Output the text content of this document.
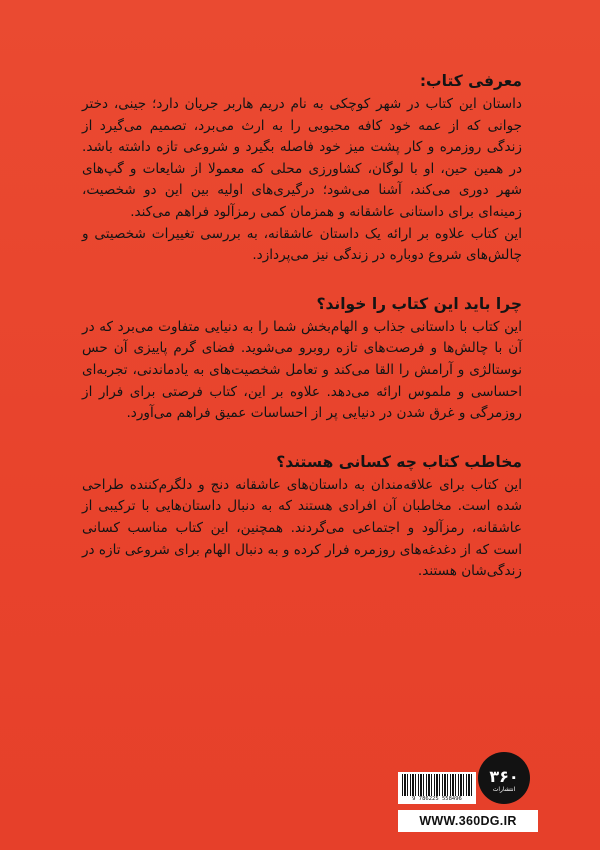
معرفی کتاب:

داستان این کتاب در شهر کوچکی به نام دریم هاربر جریان دارد؛ جینی، دختر جوانی که از عمه خود کافه محبوبی را به ارث می‌برد، تصمیم می‌گیرد از زندگی روزمره و کار پشت میز خود فاصله بگیرد و شروعی تازه داشته باشد. در همین حین، او با لوگان، کشاورزی محلی که معمولا از شایعات و گپ‌های شهر دوری می‌کند، آشنا می‌شود؛ درگیری‌های اولیه بین این دو شخصیت، زمینه‌ای برای داستانی عاشقانه و همزمان کمی رمزآلود فراهم می‌کند.

این کتاب علاوه بر ارائه یک داستان عاشقانه، به بررسی تغییرات شخصیتی و چالش‌های شروع دوباره در زندگی نیز می‌پردازد.

چرا باید این کتاب را خواند؟

این کتاب با داستانی جذاب و الهام‌بخش شما را به دنیایی متفاوت می‌برد که در آن با چالش‌ها و فرصت‌های تازه روبرو می‌شوید. فضای گرم پاییزی آن حس نوستالژی و آرامش را القا می‌کند و تعامل شخصیت‌های به یادماندنی، تجربه‌ای احساسی و ملموس ارائه می‌دهد. علاوه بر این، کتاب فرصتی برای فرار از روزمرگی و غرق شدن در دنیایی پر از احساسات عمیق فراهم می‌آورد.

مخاطب کتاب چه کسانی هستند؟

این کتاب برای علاقه‌مندان به داستان‌های عاشقانه دنج و دلگرم‌کننده طراحی شده است. مخاطبان آن افرادی هستند که به دنبال داستان‌هایی با ترکیبی از عاشقانه، رمزآلود و اجتماعی می‌گردند. همچنین، این کتاب مناسب کسانی است که از دغدغه‌های روزمره فرار کرده و به دنبال الهام برای شروعی تازه در زندگی‌شان هستند.

9 786225 558496
۳۶۰
انتشارات
WWW.360DG.IR
